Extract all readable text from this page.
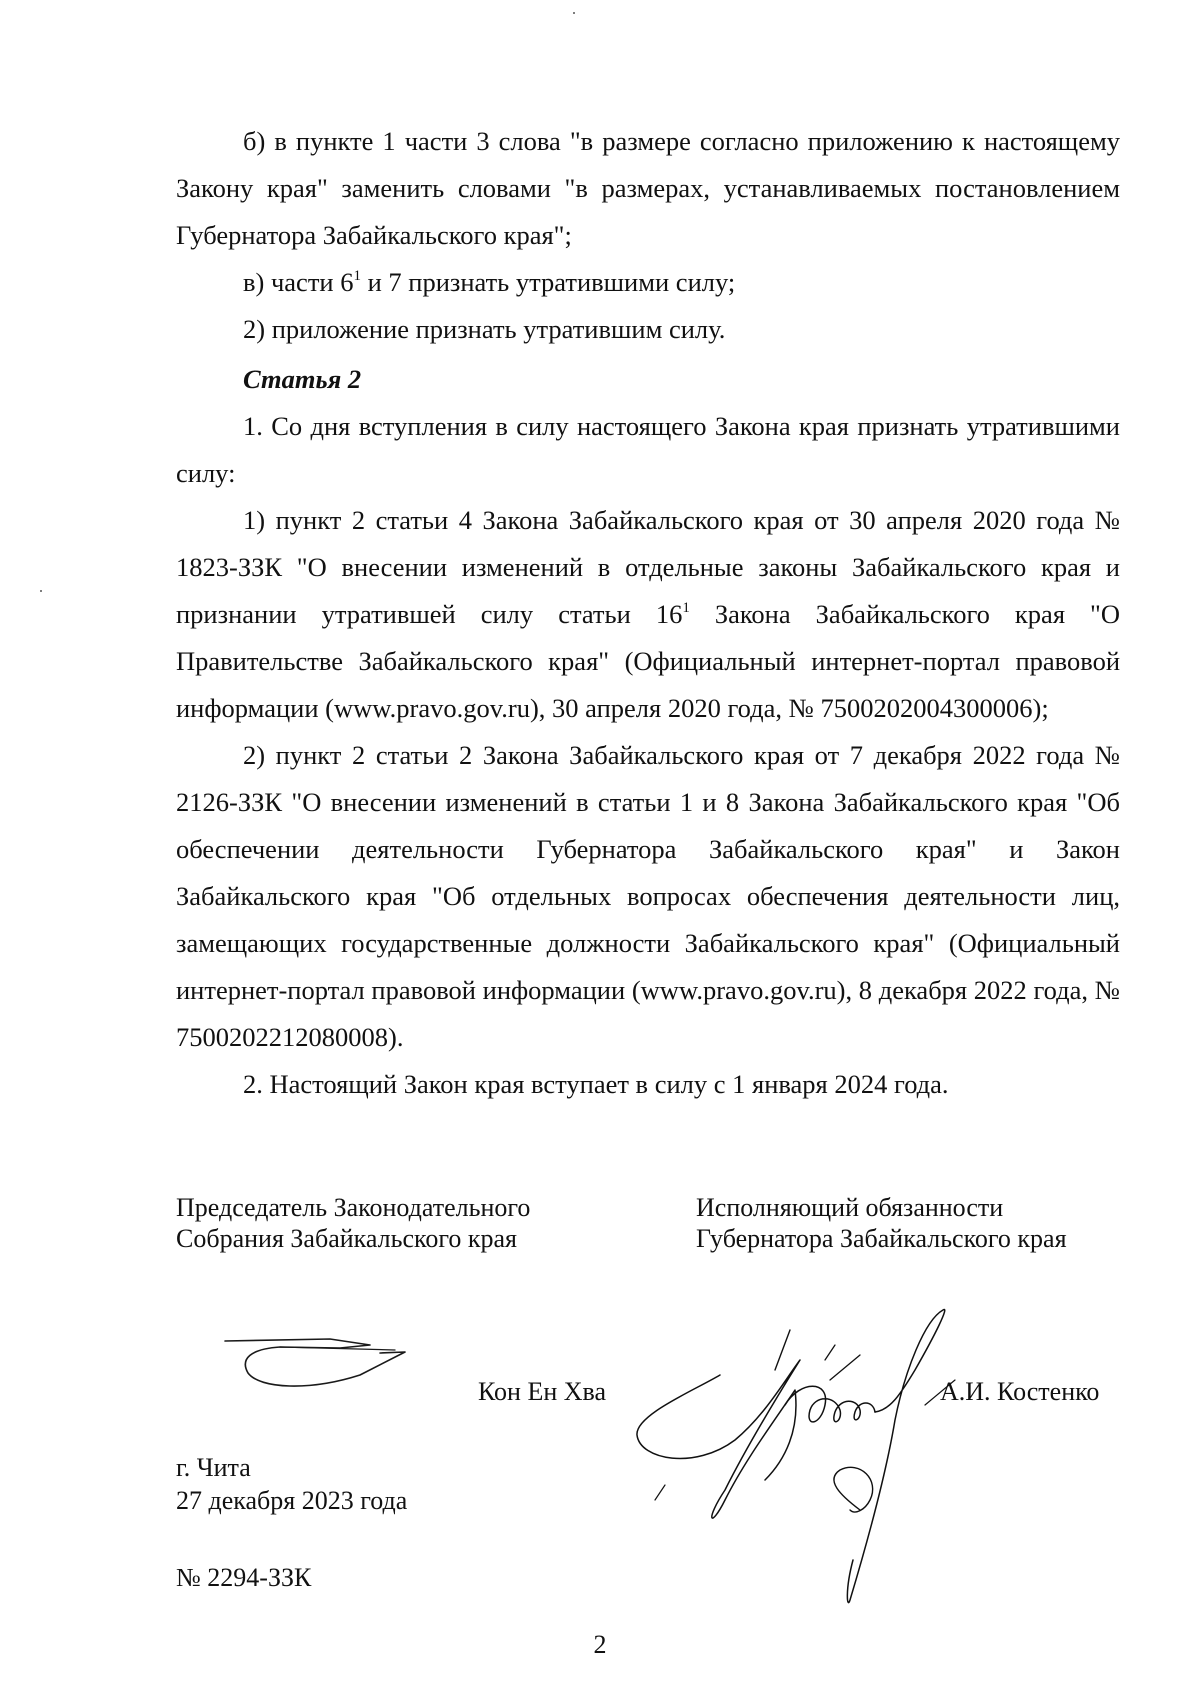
б) в пункте 1 части 3 слова "в размере согласно приложению к настоящему Закону края" заменить словами "в размерах, устанавливаемых постановлением Губернатора Забайкальского края";

в) части $6^1$ и 7 признать утратившими силу;

2) приложение признать утратившим силу.

Статья 2

1. Со дня вступления в силу настоящего Закона края признать утратившими силу:

1) пункт 2 статьи 4 Закона Забайкальского края от 30 апреля 2020 года № 1823-ЗЗК "О внесении изменений в отдельные законы Забайкальского края и признании утратившей силу статьи $16^1$ Закона Забайкальского края "О Правительстве Забайкальского края" (Официальный интернет-портал правовой информации (www.pravo.gov.ru), 30 апреля 2020 года, № 7500202004300006);

2) пункт 2 статьи 2 Закона Забайкальского края от 7 декабря 2022 года № 2126-ЗЗК "О внесении изменений в статьи 1 и 8 Закона Забайкальского края "Об обеспечении деятельности Губернатора Забайкальского края" и Закон Забайкальского края "Об отдельных вопросах обеспечения деятельности лиц, замещающих государственные должности Забайкальского края" (Официальный интернет-портал правовой информации (www.pravo.gov.ru), 8 декабря 2022 года, № 7500202212080008).

2. Настоящий Закон края вступает в силу с 1 января 2024 года.

Председатель Законодательного
Собрания Забайкальского края
Исполняющий обязанности
Губернатора Забайкальского края
Кон Ен Хва	А.И. Костенко
г. Чита
27 декабря 2023 года
№ 2294-ЗЗК
2
